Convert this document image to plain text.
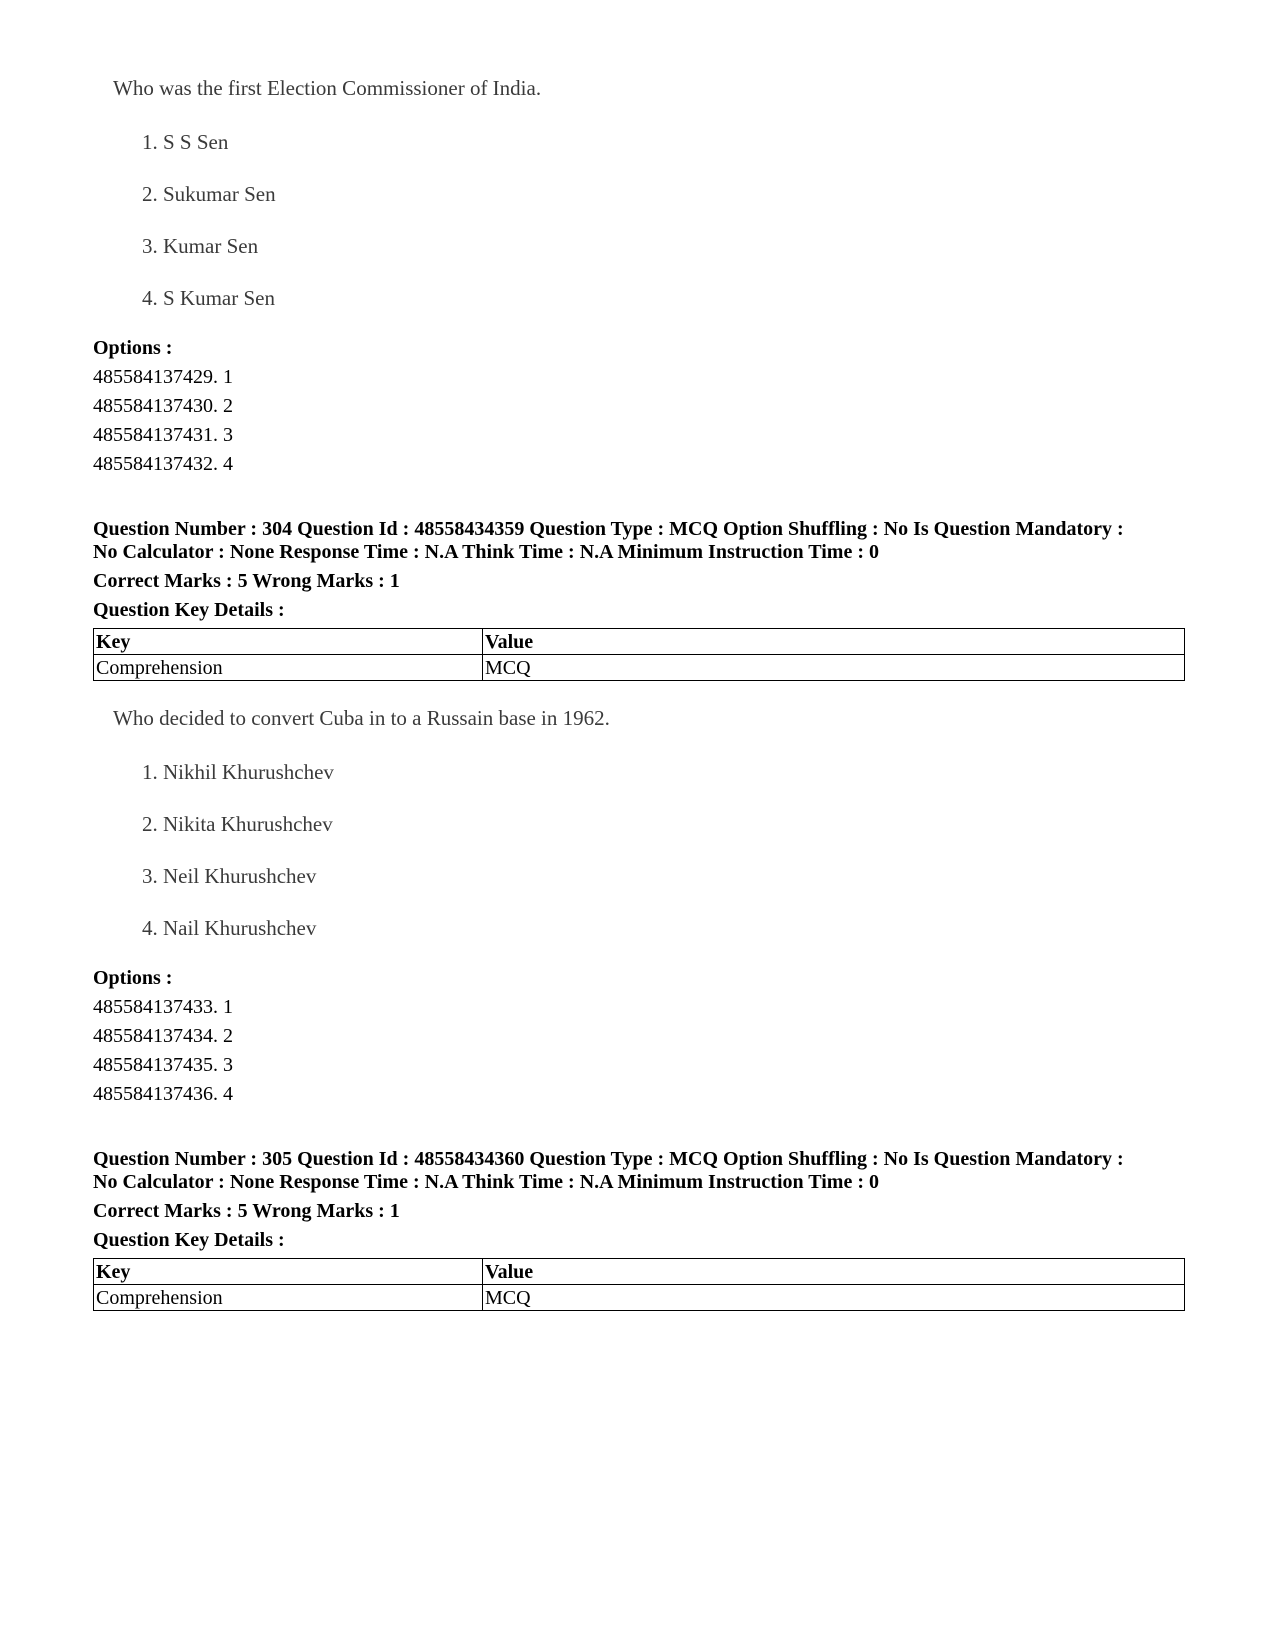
Who was the first Election Commissioner of India.
1. S S Sen
2. Sukumar Sen
3. Kumar Sen
4. S Kumar Sen
Options :
485584137429. 1
485584137430. 2
485584137431. 3
485584137432. 4
Question Number : 304 Question Id : 48558434359 Question Type : MCQ Option Shuffling : No Is Question Mandatory :
No Calculator : None Response Time : N.A Think Time : N.A Minimum Instruction Time : 0
Correct Marks : 5 Wrong Marks : 1
Question Key Details :
Key	Value
Comprehension	MCQ
Who decided to convert Cuba in to a Russain base in 1962.
1. Nikhil Khurushchev
2. Nikita Khurushchev
3. Neil Khurushchev
4. Nail Khurushchev
Options :
485584137433. 1
485584137434. 2
485584137435. 3
485584137436. 4
Question Number : 305 Question Id : 48558434360 Question Type : MCQ Option Shuffling : No Is Question Mandatory :
No Calculator : None Response Time : N.A Think Time : N.A Minimum Instruction Time : 0
Correct Marks : 5 Wrong Marks : 1
Question Key Details :
Key	Value
Comprehension	MCQ
